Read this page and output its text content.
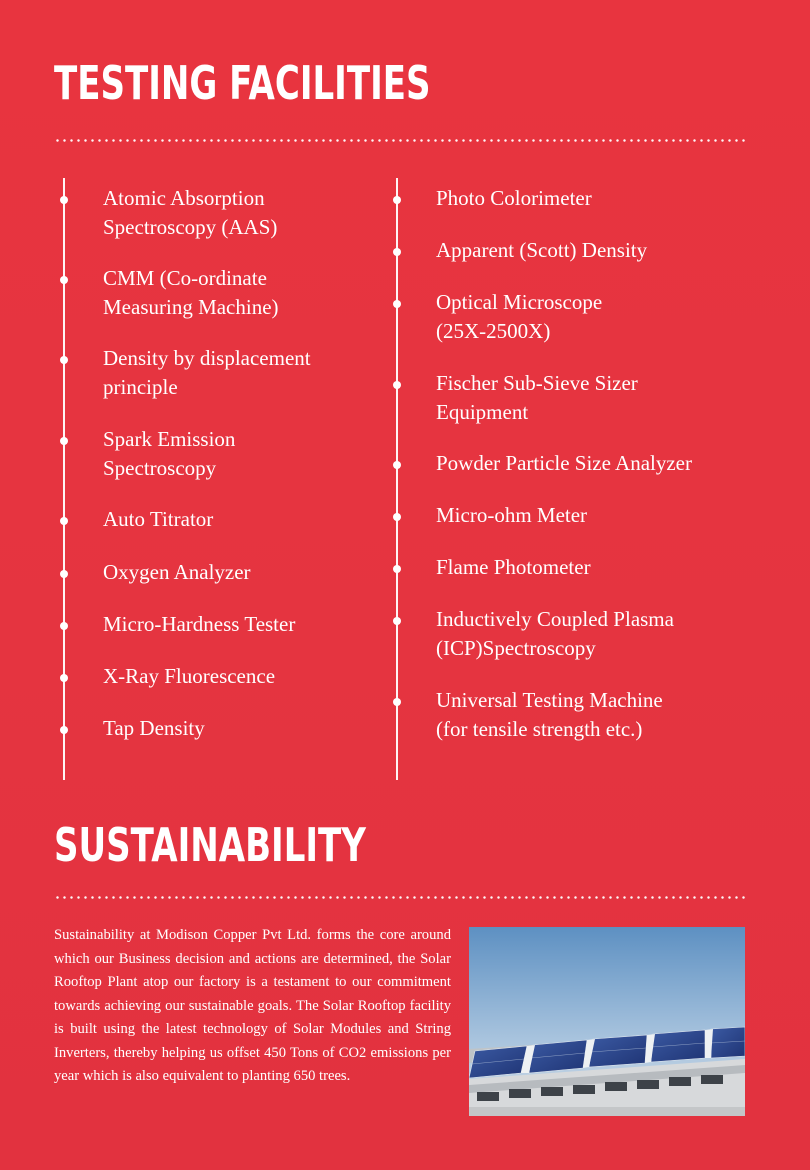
TESTING FACILITIES
Atomic Absorption
Spectroscopy (AAS)
CMM (Co-ordinate
Measuring Machine)
Density by displacement
principle
Spark Emission
Spectroscopy
Auto Titrator
Oxygen Analyzer
Micro-Hardness Tester
X-Ray Fluorescence
Tap Density
Photo Colorimeter
Apparent (Scott) Density
Optical Microscope
(25X-2500X)
Fischer Sub-Sieve Sizer
Equipment
Powder Particle Size Analyzer
Micro-ohm Meter
Flame Photometer
Inductively Coupled Plasma
(ICP)Spectroscopy
Universal Testing Machine
(for tensile strength etc.)
SUSTAINABILITY
Sustainability at Modison Copper Pvt Ltd. forms the core around which our Business decision and actions are determined, the Solar Rooftop Plant atop our factory is a testament to our commitment towards achieving our sustainable goals. The Solar Rooftop facility is built using the latest technology of Solar Modules and String Inverters, thereby helping us offset 450 Tons of CO2 emissions per year which is also equivalent to planting 650 trees.
